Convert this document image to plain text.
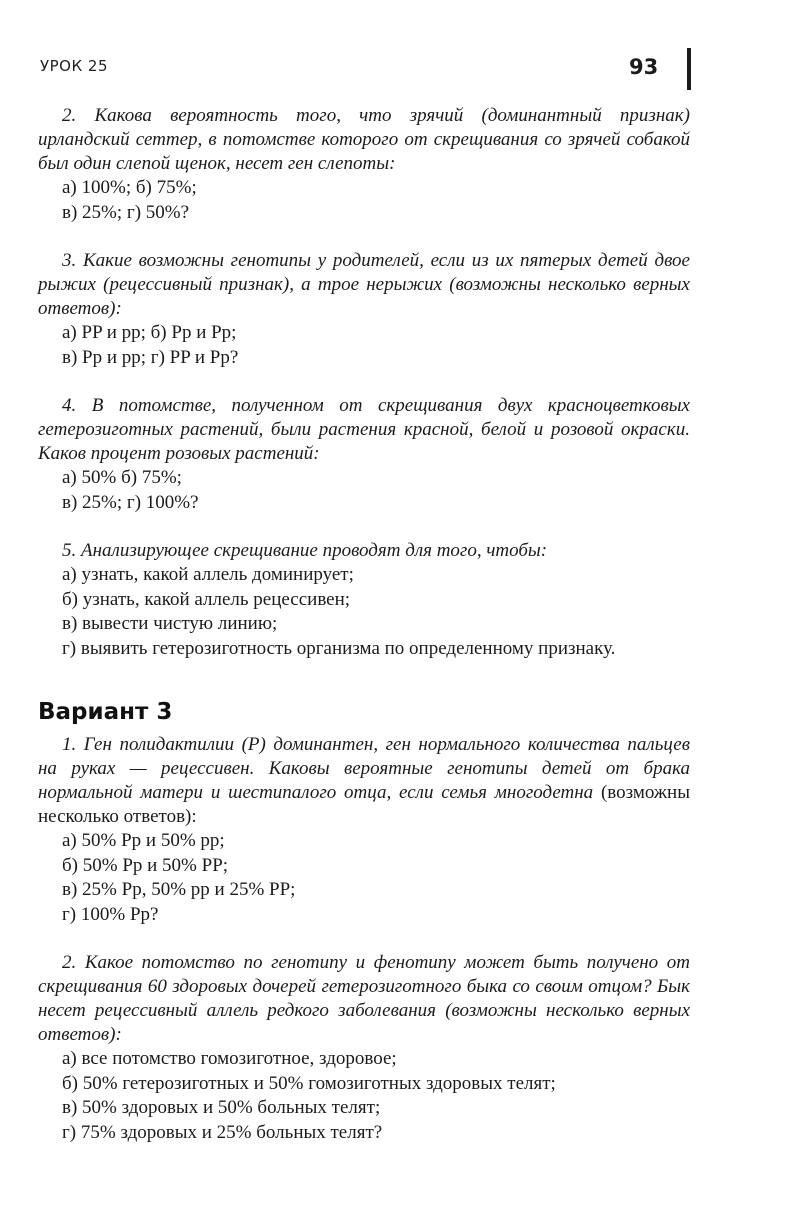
УРОК 25	93

2. Какова вероятность того, что зрячий (доминантный признак) ирландский сеттер, в потомстве которого от скрещивания со зрячей собакой был один слепой щенок, несет ген слепоты:

а) 100%; б) 75%;

в) 25%; г) 50%?

3. Какие возможны генотипы у родителей, если из их пятерых детей двое рыжих (рецессивный признак), а трое нерыжих (возможны несколько верных ответов):

а) PP и pp; б) Pp и Pp;

в) Pp и pp; г) PP и Pp?

4. В потомстве, полученном от скрещивания двух красноцветковых гетерозиготных растений, были растения красной, белой и розовой окраски. Каков процент розовых растений:

а) 50% б) 75%;

в) 25%; г) 100%?

5. Анализирующее скрещивание проводят для того, чтобы:

а) узнать, какой аллель доминирует;

б) узнать, какой аллель рецессивен;

в) вывести чистую линию;

г) выявить гетерозиготность организма по определенному признаку.

Вариант 3

1. Ген полидактилии (P) доминантен, ген нормального количества пальцев на руках — рецессивен. Каковы вероятные генотипы детей от брака нормальной матери и шестипалого отца, если семья многодетна (возможны несколько ответов):

а) 50% Pp и 50% pp;

б) 50% Pp и 50% PP;

в) 25% Pp, 50% pp и 25% PP;

г) 100% Pp?

2. Какое потомство по генотипу и фенотипу может быть получено от скрещивания 60 здоровых дочерей гетерозиготного быка со своим отцом? Бык несет рецессивный аллель редкого заболевания (возможны несколько верных ответов):

а) все потомство гомозиготное, здоровое;

б) 50% гетерозиготных и 50% гомозиготных здоровых телят;

в) 50% здоровых и 50% больных телят;

г) 75% здоровых и 25% больных телят?
